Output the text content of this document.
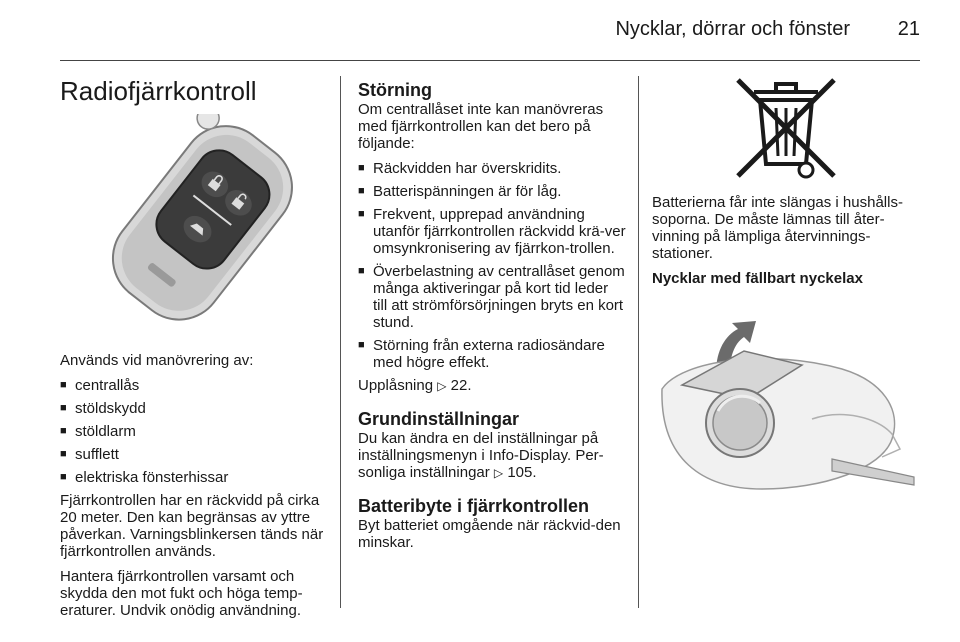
Nycklar, dörrar och fönster	21
Radiofjärrkontroll

Används vid manövrering av:

■ centrallås
■ stöldskydd
■ stöldlarm
■ sufflett
■ elektriska fönsterhissar

Fjärrkontrollen har en räckvidd på cirka 20 meter. Den kan begränsas av yttre påverkan. Varningsblinkersen tänds när fjärrkontrollen används.

Hantera fjärrkontrollen varsamt och skydda den mot fukt och höga temp-eraturer. Undvik onödig användning.

Störning

Om centrallåset inte kan manövreras med fjärrkontrollen kan det bero på följande:

■ Räckvidden har överskridits.
■ Batterispänningen är för låg.
■ Frekvent, upprepad användning utanför fjärrkontrollen räckvidd krä-ver omsynkronisering av fjärrkon-trollen.
■ Överbelastning av centrallåset genom många aktiveringar på kort tid leder till att strömförsörjningen bryts en kort stund.
■ Störning från externa radiosändare med högre effekt.

Upplåsning ▷ 22.

Grundinställningar

Du kan ändra en del inställningar på inställningsmenyn i Info-Display. Per-sonliga inställningar ▷ 105.

Batteribyte i fjärrkontrollen

Byt batteriet omgående när räckvid-den minskar.

Batterierna får inte slängas i hushålls-soporna. De måste lämnas till åter-vinning på lämpliga återvinnings-stationer.

Nycklar med fällbart nyckelax
